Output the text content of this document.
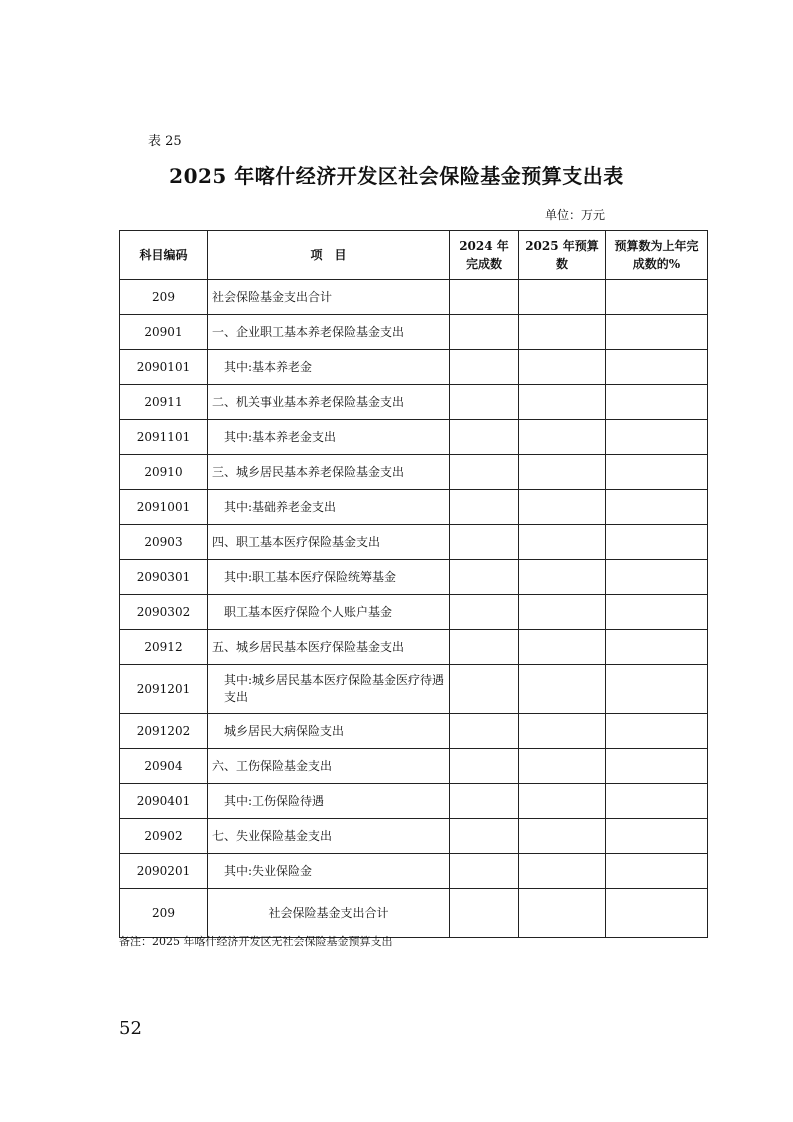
表 25
2025 年喀什经济开发区社会保险基金预算支出表
单位：万元
科目编码	项　目	2024 年完成数	2025 年预算数	预算数为上年完成数的%
209	社会保险基金支出合计			
20901	一、企业职工基本养老保险基金支出			
2090101	其中:基本养老金			
20911	二、机关事业基本养老保险基金支出			
2091101	其中:基本养老金支出			
20910	三、城乡居民基本养老保险基金支出			
2091001	其中:基础养老金支出			
20903	四、职工基本医疗保险基金支出			
2090301	其中:职工基本医疗保险统筹基金			
2090302	职工基本医疗保险个人账户基金			
20912	五、城乡居民基本医疗保险基金支出			
2091201	其中:城乡居民基本医疗保险基金医疗待遇支出			
2091202	城乡居民大病保险支出			
20904	六、工伤保险基金支出			
2090401	其中:工伤保险待遇			
20902	七、失业保险基金支出			
2090201	其中:失业保险金			
209	社会保险基金支出合计			
备注：2025 年喀什经济开发区无社会保险基金预算支出
52
